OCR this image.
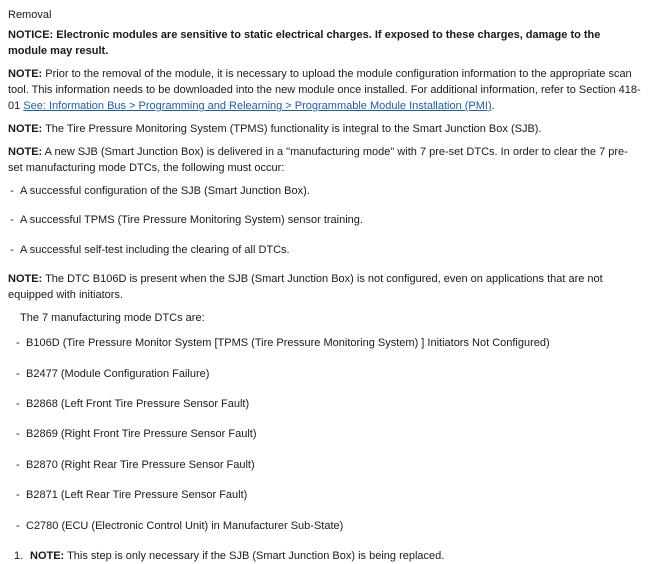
Removal

NOTICE: Electronic modules are sensitive to static electrical charges. If exposed to these charges, damage to the module may result.

NOTE: Prior to the removal of the module, it is necessary to upload the module configuration information to the appropriate scan tool. This information needs to be downloaded into the new module once installed. For additional information, refer to Section 418-01 See: Information Bus > Programming and Relearning > Programmable Module Installation (PMI).

NOTE: The Tire Pressure Monitoring System (TPMS) functionality is integral to the Smart Junction Box (SJB).

NOTE: A new SJB (Smart Junction Box) is delivered in a "manufacturing mode" with 7 pre-set DTCs. In order to clear the 7 pre-set manufacturing mode DTCs, the following must occur:

- A successful configuration of the SJB (Smart Junction Box).
- A successful TPMS (Tire Pressure Monitoring System) sensor training.
- A successful self-test including the clearing of all DTCs.

NOTE: The DTC B106D is present when the SJB (Smart Junction Box) is not configured, even on applications that are not equipped with initiators.

The 7 manufacturing mode DTCs are:
- B106D (Tire Pressure Monitor System [TPMS (Tire Pressure Monitoring System) ] Initiators Not Configured)
- B2477 (Module Configuration Failure)
- B2868 (Left Front Tire Pressure Sensor Fault)
- B2869 (Right Front Tire Pressure Sensor Fault)
- B2870 (Right Rear Tire Pressure Sensor Fault)
- B2871 (Left Rear Tire Pressure Sensor Fault)
- C2780 (ECU (Electronic Control Unit) in Manufacturer Sub-State)
1. NOTE: This step is only necessary if the SJB (Smart Junction Box) is being replaced.
